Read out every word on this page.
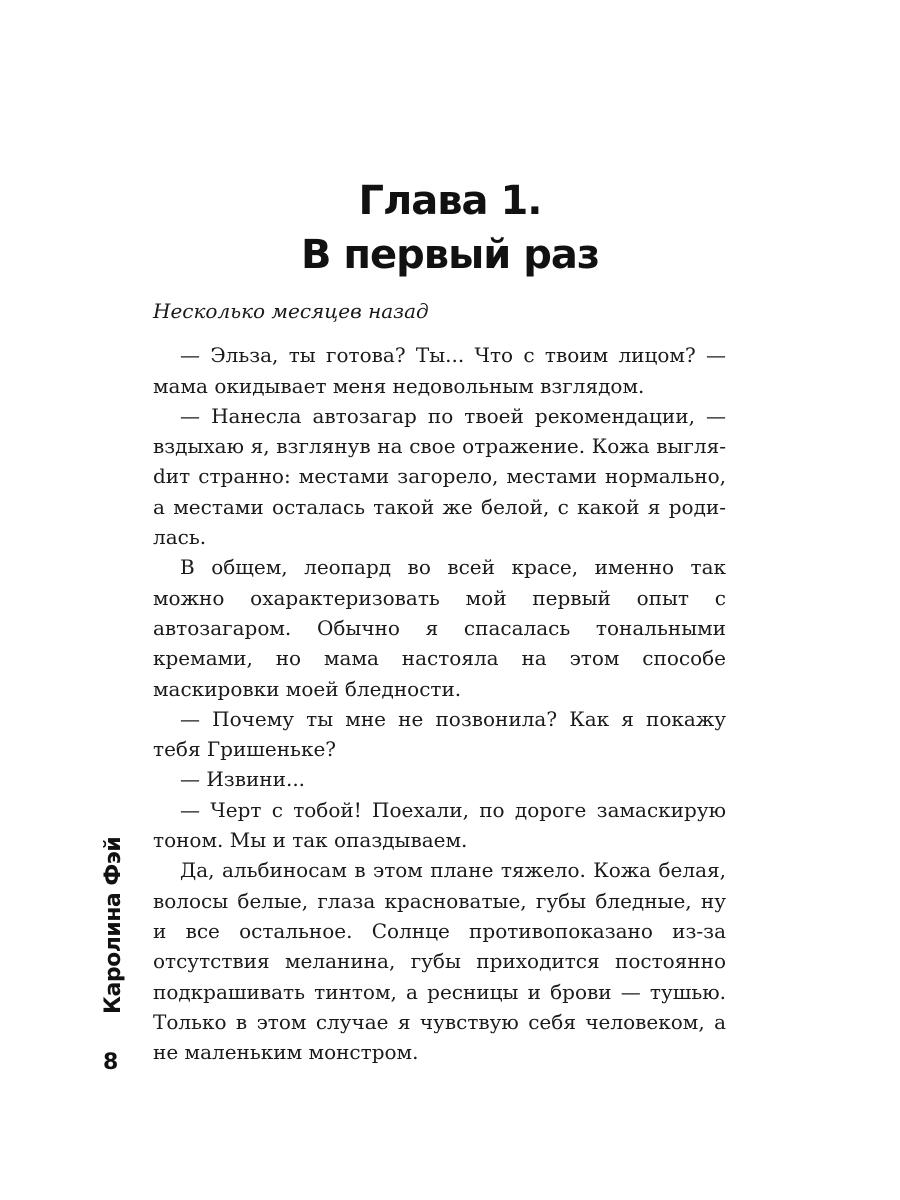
Глава 1.
В первый раз

Несколько месяцев назад

— Эльза, ты готова? Ты... Что с твоим лицом? — мама окидывает меня недовольным взглядом.

— Нанесла автозагар по твоей рекомендации, — вздыхаю я, взглянув на свое отражение. Кожа выгляdит странно: местами загорело, местами нормально, а местами осталась такой же белой, с какой я родилась.

В общем, леопард во всей красе, именно так можно охарактеризовать мой первый опыт с автозагаром. Обычно я спасалась тональными кремами, но мама настояла на этом способе маскировки моей бледности.

— Почему ты мне не позвонила? Как я покажу тебя Гришеньке?

— Извини...

— Черт с тобой! Поехали, по дороге замаскирую тоном. Мы и так опаздываем.

Да, альбиносам в этом плане тяжело. Кожа белая, волосы белые, глаза красноватые, губы бледные, ну и все остальное. Солнце противопоказано из-за отсутствия меланина, губы приходится постоянно подкрашивать тинтом, а ресницы и брови — тушью. Только в этом случае я чувствую себя человеком, а не маленьким монстром.

Каролина Фэй
8
